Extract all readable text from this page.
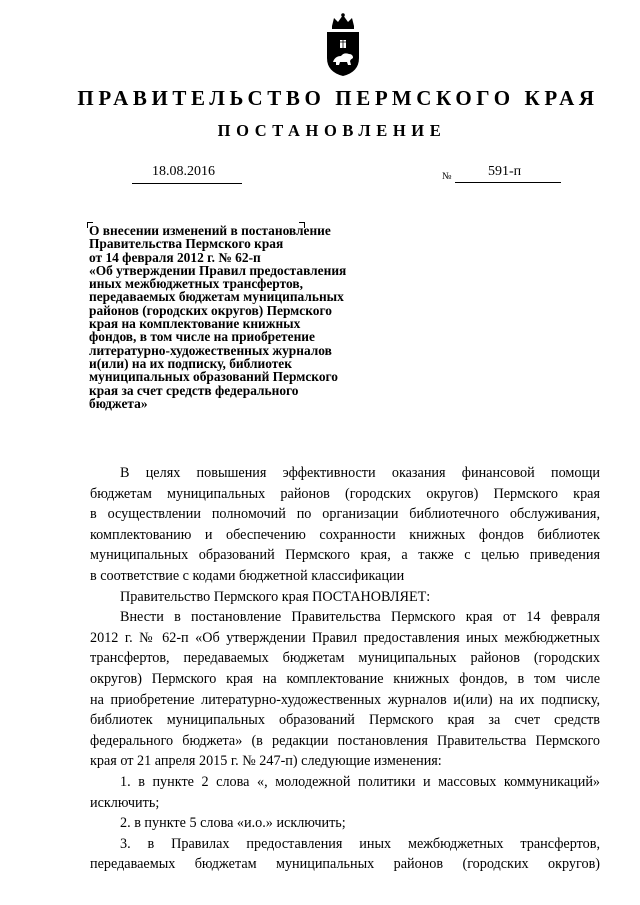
ПРАВИТЕЛЬСТВО ПЕРМСКОГО КРАЯ
ПОСТАНОВЛЕНИЕ
18.08.2016	№	591-п
О внесении изменений в постановление
Правительства Пермского края
от 14 февраля 2012 г. № 62-п
«Об утверждении Правил предоставления
иных межбюджетных трансфертов,
передаваемых бюджетам муниципальных
районов (городских округов) Пермского
края на комплектование книжных
фондов, в том числе на приобретение
литературно-художественных журналов
и(или) на их подписку, библиотек
муниципальных образований Пермского
края за счет средств федерального
бюджета»
В целях повышения эффективности оказания финансовой помощи
бюджетам муниципальных районов (городских округов) Пермского края
в осуществлении полномочий по организации библиотечного обслуживания,
комплектованию и обеспечению сохранности книжных фондов библиотек
муниципальных образований Пермского края, а также с целью приведения
в соответствие с кодами бюджетной классификации
Правительство Пермского края ПОСТАНОВЛЯЕТ:
Внести в постановление Правительства Пермского края от 14 февраля
2012 г. № 62-п «Об утверждении Правил предоставления иных межбюджетных
трансфертов, передаваемых бюджетам муниципальных районов (городских
округов) Пермского края на комплектование книжных фондов, в том числе
на приобретение литературно-художественных журналов и(или) на их подписку,
библиотек муниципальных образований Пермского края за счет средств
федерального бюджета» (в редакции постановления Правительства Пермского
края от 21 апреля 2015 г. № 247-п) следующие изменения:
1. в пункте 2 слова «, молодежной политики и массовых коммуникаций»
исключить;
2. в пункте 5 слова «и.о.» исключить;
3. в Правилах предоставления иных межбюджетных трансфертов,
передаваемых бюджетам муниципальных районов (городских округов)
